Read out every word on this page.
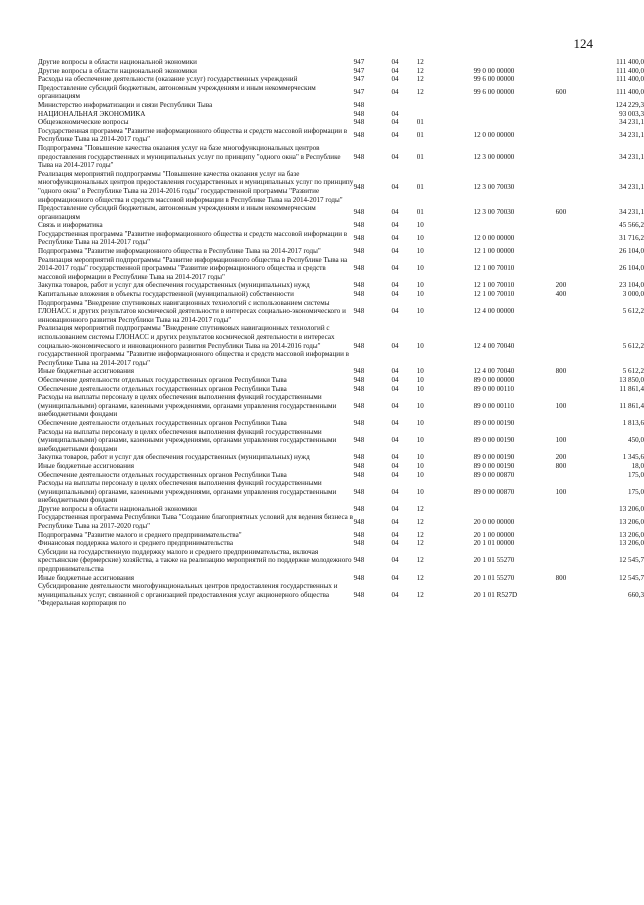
124
Другие вопросы в области национальной экономики	947	04	12			111 400,0
Другие вопросы в области национальной экономики	947	04	12	99 0 00 00000		111 400,0
Расходы на обеспечение деятельности (оказание услуг) государственных учреждений	947	04	12	99 6 00 00000		111 400,0
Предоставление субсидий бюджетным, автономным учреждениям и иным некоммерческим организациям	947	04	12	99 6 00 00000	600	111 400,0
Министерство информатизации и связи Республики Тыва	948					124 229,3
НАЦИОНАЛЬНАЯ ЭКОНОМИКА	948	04				93 003,3
Общеэкономические вопросы	948	04	01			34 231,1
Государственная программа "Развитие информационного общества и средств массовой информации в Республике Тыва на 2014-2017 годы"	948	04	01	12 0 00 00000		34 231,1
Подпрограмма "Повышение качества оказания услуг на базе многофункциональных центров предоставления государственных и муниципальных услуг по принципу "одного окна" в Республике Тыва на 2014-2017 годы"	948	04	01	12 3 00 00000		34 231,1
Реализация мероприятий подпрограммы "Повышение качества оказания услуг на базе многофункциональных центров предоставления государственных и муниципальных услуг по принципу "одного окна" в Республике Тыва на 2014-2016 годы" государственной программы "Развитие информационного общества и средств массовой информации в Республике Тыва на 2014-2017 годы"	948	04	01	12 3 00 70030		34 231,1
Предоставление субсидий бюджетным, автономным учреждениям и иным некоммерческим организациям	948	04	01	12 3 00 70030	600	34 231,1
Связь и информатика	948	04	10			45 566,2
Государственная программа "Развитие информационного общества и средств массовой информации в Республике Тыва на 2014-2017 годы"	948	04	10	12 0 00 00000		31 716,2
Подпрограмма "Развитие информационного общества в Республике Тыва на 2014-2017 годы"	948	04	10	12 1 00 00000		26 104,0
Реализация мероприятий подпрограммы "Развитие информационного общества в Республике Тыва на 2014-2017 годы" государственной программы "Развитие информационного общества и средств массовой информации в Республике Тыва на 2014-2017 годы"	948	04	10	12 1 00 70010		26 104,0
Закупка товаров, работ и услуг для обеспечения государственных (муниципальных) нужд	948	04	10	12 1 00 70010	200	23 104,0
Капитальные вложения в объекты государственной (муниципальной) собственности	948	04	10	12 1 00 70010	400	3 000,0
Подпрограмма "Внедрение спутниковых навигационных технологий с использованием системы ГЛОНАСС и других результатов космической деятельности в интересах социально-экономического и инновационного развития Республики Тыва на 2014-2017 годы"	948	04	10	12 4 00 00000		5 612,2
Реализация мероприятий подпрограммы "Внедрение спутниковых навигационных технологий с использованием системы ГЛОНАСС и других результатов космической деятельности в интересах социально-экономического и инновационного развития Республики Тыва на 2014-2016 годы" государственной программы "Развитие информационного общества и средств массовой информации в Республике Тыва на 2014-2017 годы"	948	04	10	12 4 00 70040		5 612,2
Иные бюджетные ассигнования	948	04	10	12 4 00 70040	800	5 612,2
Обеспечение деятельности отдельных государственных органов Республики Тыва	948	04	10	89 0 00 00000		13 850,0
Обеспечение деятельности отдельных государственных органов Республики Тыва	948	04	10	89 0 00 00110		11 861,4
Расходы на выплаты персоналу в целях обеспечения выполнения функций государственными (муниципальными) органами, казенными учреждениями, органами управления государственными внебюджетными фондами	948	04	10	89 0 00 00110	100	11 861,4
Обеспечение деятельности отдельных государственных органов Республики Тыва	948	04	10	89 0 00 00190		1 813,6
Расходы на выплаты персоналу в целях обеспечения выполнения функций государственными (муниципальными) органами, казенными учреждениями, органами управления государственными внебюджетными фондами	948	04	10	89 0 00 00190	100	450,0
Закупка товаров, работ и услуг для обеспечения государственных (муниципальных) нужд	948	04	10	89 0 00 00190	200	1 345,6
Иные бюджетные ассигнования	948	04	10	89 0 00 00190	800	18,0
Обеспечение деятельности отдельных государственных органов Республики Тыва	948	04	10	89 0 00 00870		175,0
Расходы на выплаты персоналу в целях обеспечения выполнения функций государственными (муниципальными) органами, казенными учреждениями, органами управления государственными внебюджетными фондами	948	04	10	89 0 00 00870	100	175,0
Другие вопросы в области национальной экономики	948	04	12			13 206,0
Государственная программа Республики Тыва "Создание благоприятных условий для ведения бизнеса в Республике Тыва на 2017-2020 годы"	948	04	12	20 0 00 00000		13 206,0
Подпрограмма "Развитие малого и среднего предпринимательства"	948	04	12	20 1 00 00000		13 206,0
Финансовая поддержка малого и среднего предпринимательства	948	04	12	20 1 01 00000		13 206,0
Субсидии на государственную поддержку малого и среднего предпринимательства, включая крестьянские (фермерские) хозяйства, а также на реализацию мероприятий по поддержке молодежного предпринимательства	948	04	12	20 1 01 55270		12 545,7
Иные бюджетные ассигнования	948	04	12	20 1 01 55270	800	12 545,7
Субсидирование деятельности многофункциональных центров предоставления государственных и муниципальных услуг, связанной с организацией предоставления услуг акционерного общества "Федеральная корпорация по	948	04	12	20 1 01 R527D		660,3
